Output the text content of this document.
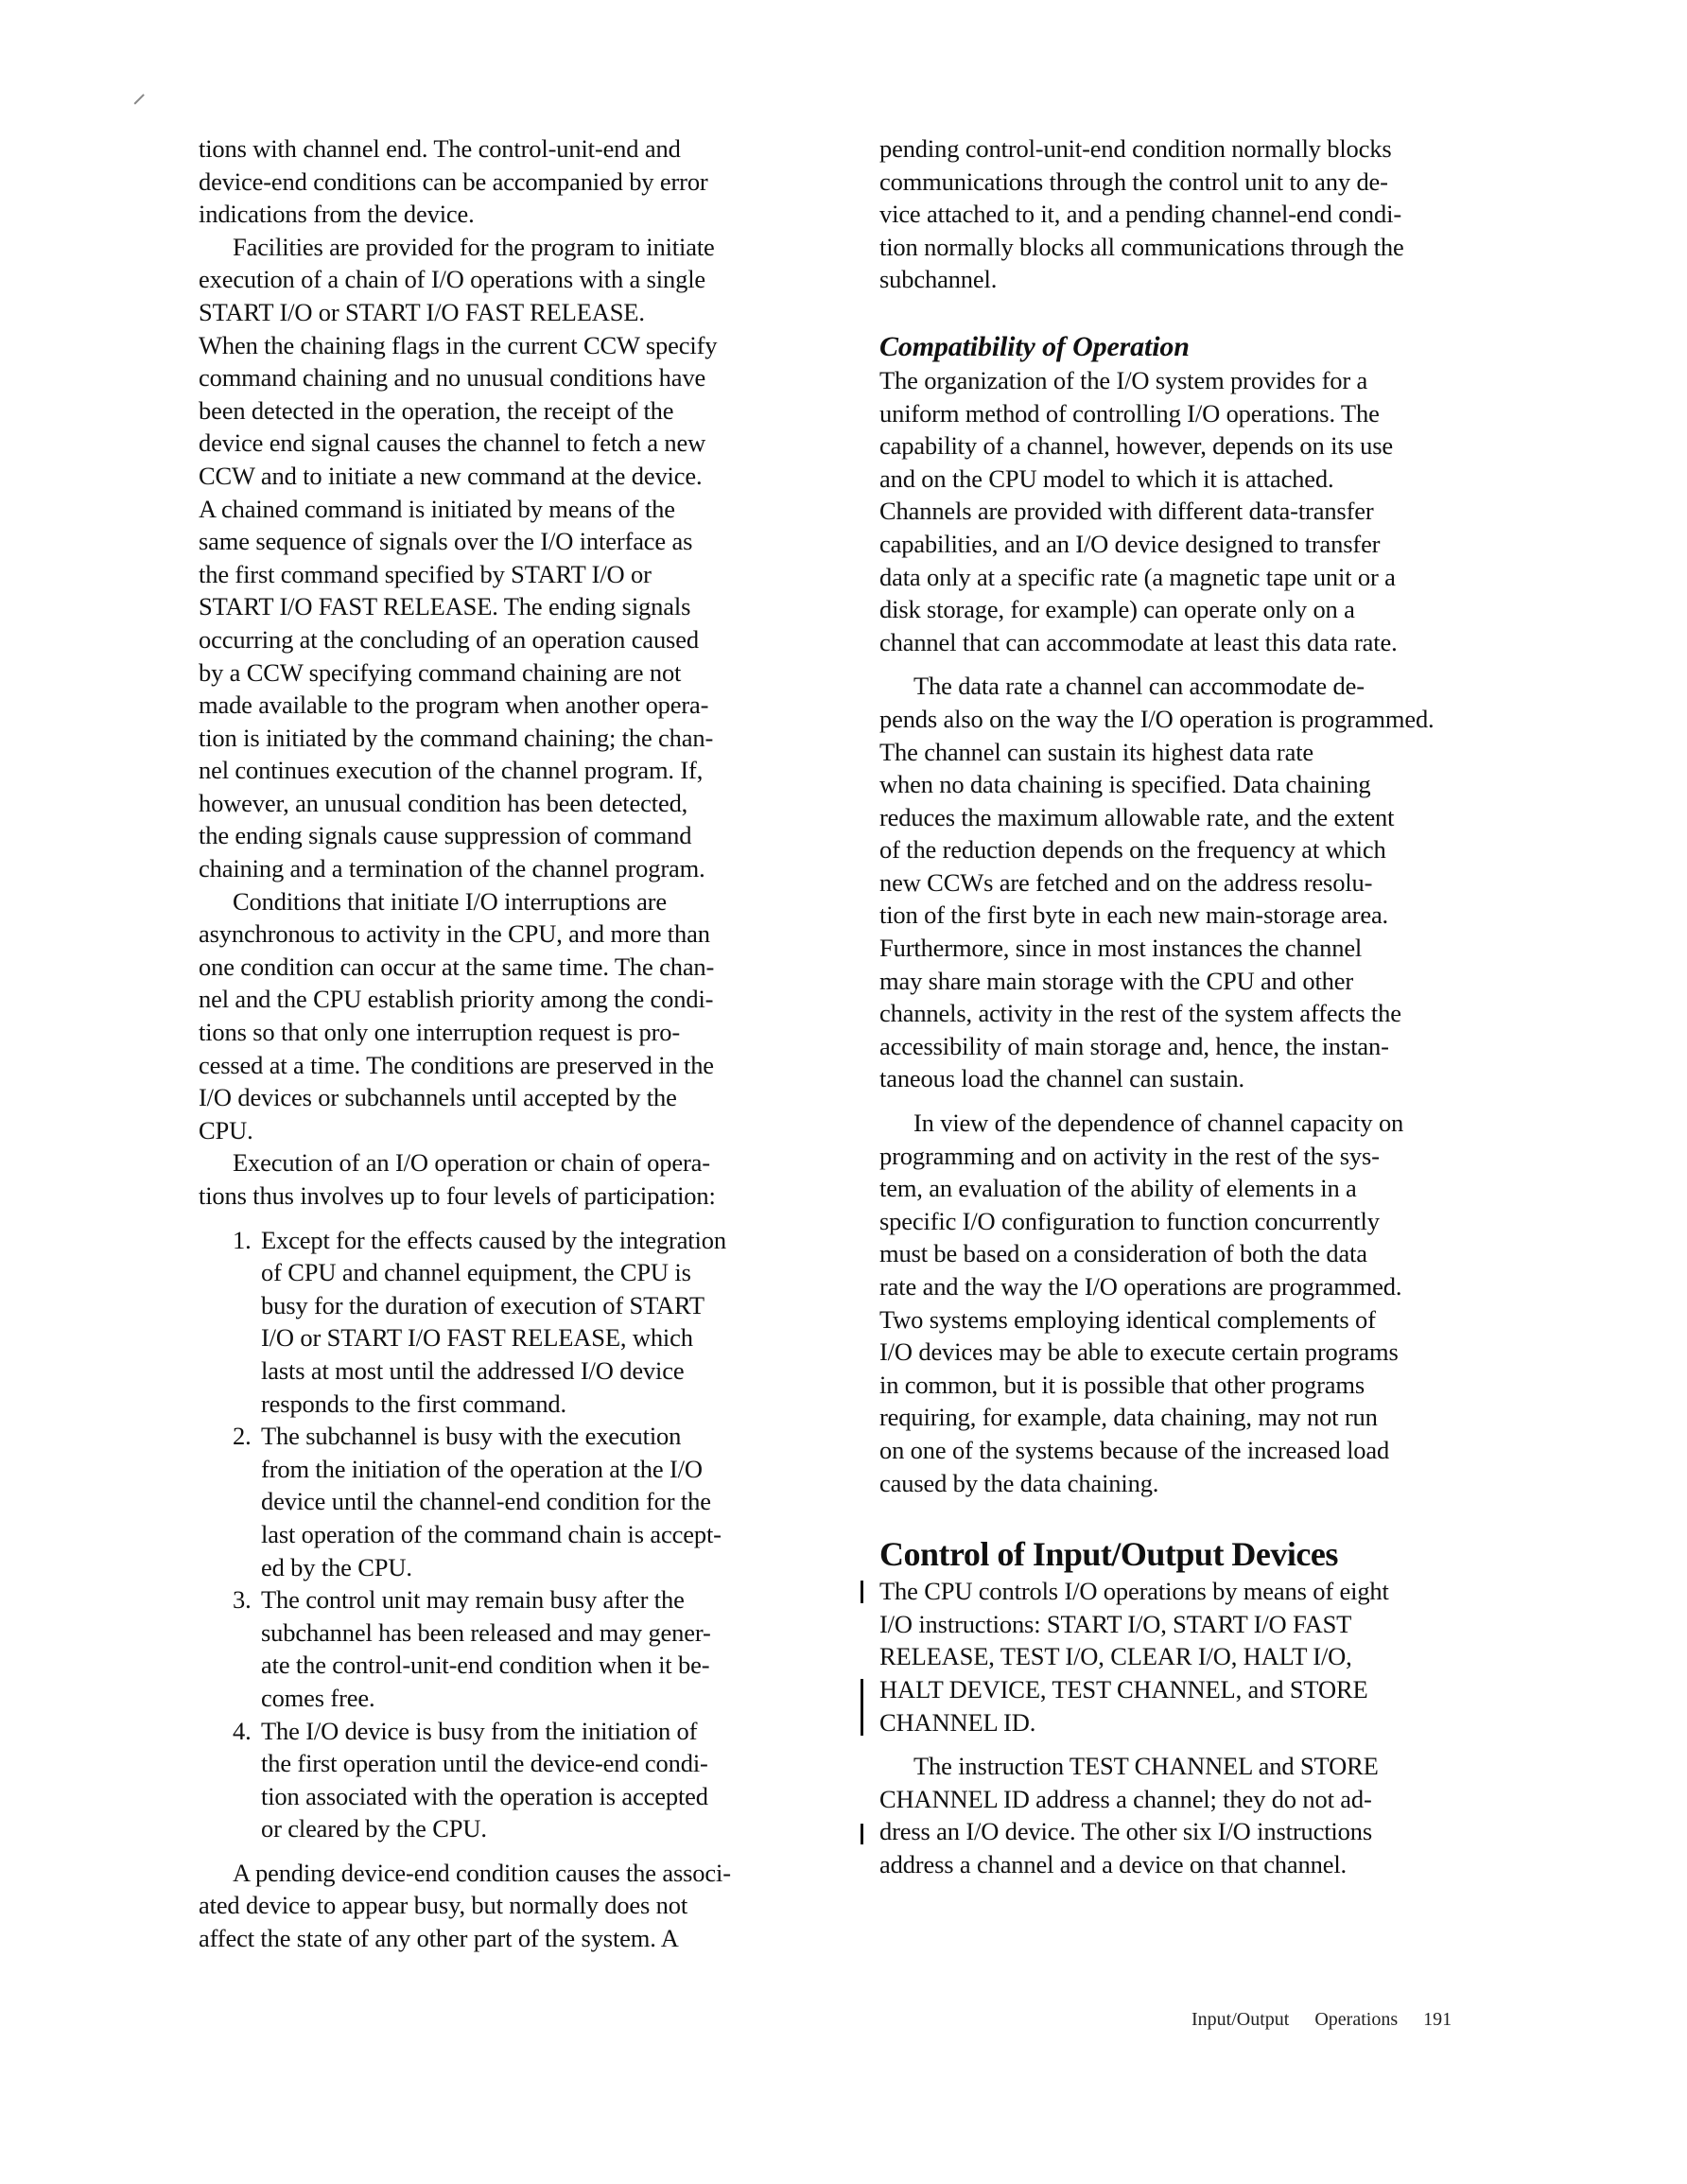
tions with channel end. The control-unit-end and
device-end conditions can be accompanied by error
indications from the device.
Facilities are provided for the program to initiate
execution of a chain of I/O operations with a single
START I/O or START I/O FAST RELEASE.
When the chaining flags in the current CCW specify
command chaining and no unusual conditions have
been detected in the operation, the receipt of the
device end signal causes the channel to fetch a new
CCW and to initiate a new command at the device.
A chained command is initiated by means of the
same sequence of signals over the I/O interface as
the first command specified by START I/O or
START I/O FAST RELEASE. The ending signals
occurring at the concluding of an operation caused
by a CCW specifying command chaining are not
made available to the program when another opera-
tion is initiated by the command chaining; the chan-
nel continues execution of the channel program. If,
however, an unusual condition has been detected,
the ending signals cause suppression of command
chaining and a termination of the channel program.
Conditions that initiate I/O interruptions are
asynchronous to activity in the CPU, and more than
one condition can occur at the same time. The chan-
nel and the CPU establish priority among the condi-
tions so that only one interruption request is pro-
cessed at a time. The conditions are preserved in the
I/O devices or subchannels until accepted by the
CPU.
Execution of an I/O operation or chain of opera-
tions thus involves up to four levels of participation:
1. Except for the effects caused by the integration
of CPU and channel equipment, the CPU is
busy for the duration of execution of START
I/O or START I/O FAST RELEASE, which
lasts at most until the addressed I/O device
responds to the first command.
2. The subchannel is busy with the execution
from the initiation of the operation at the I/O
device until the channel-end condition for the
last operation of the command chain is accept-
ed by the CPU.
3. The control unit may remain busy after the
subchannel has been released and may gener-
ate the control-unit-end condition when it be-
comes free.
4. The I/O device is busy from the initiation of
the first operation until the device-end condi-
tion associated with the operation is accepted
or cleared by the CPU.
A pending device-end condition causes the associ-
ated device to appear busy, but normally does not
affect the state of any other part of the system. A
pending control-unit-end condition normally blocks
communications through the control unit to any de-
vice attached to it, and a pending channel-end condi-
tion normally blocks all communications through the
subchannel.
Compatibility of Operation
The organization of the I/O system provides for a
uniform method of controlling I/O operations. The
capability of a channel, however, depends on its use
and on the CPU model to which it is attached.
Channels are provided with different data-transfer
capabilities, and an I/O device designed to transfer
data only at a specific rate (a magnetic tape unit or a
disk storage, for example) can operate only on a
channel that can accommodate at least this data rate.
The data rate a channel can accommodate de-
pends also on the way the I/O operation is programmed.
The channel can sustain its highest data rate
when no data chaining is specified. Data chaining
reduces the maximum allowable rate, and the extent
of the reduction depends on the frequency at which
new CCWs are fetched and on the address resolu-
tion of the first byte in each new main-storage area.
Furthermore, since in most instances the channel
may share main storage with the CPU and other
channels, activity in the rest of the system affects the
accessibility of main storage and, hence, the instan-
taneous load the channel can sustain.
In view of the dependence of channel capacity on
programming and on activity in the rest of the sys-
tem, an evaluation of the ability of elements in a
specific I/O configuration to function concurrently
must be based on a consideration of both the data
rate and the way the I/O operations are programmed.
Two systems employing identical complements of
I/O devices may be able to execute certain programs
in common, but it is possible that other programs
requiring, for example, data chaining, may not run
on one of the systems because of the increased load
caused by the data chaining.
Control of Input/Output Devices
The CPU controls I/O operations by means of eight
I/O instructions: START I/O, START I/O FAST
RELEASE, TEST I/O, CLEAR I/O, HALT I/O,
HALT DEVICE, TEST CHANNEL, and STORE
CHANNEL ID.
The instruction TEST CHANNEL and STORE
CHANNEL ID address a channel; they do not ad-
dress an I/O device. The other six I/O instructions
address a channel and a device on that channel.
Input/Output Operations 191
